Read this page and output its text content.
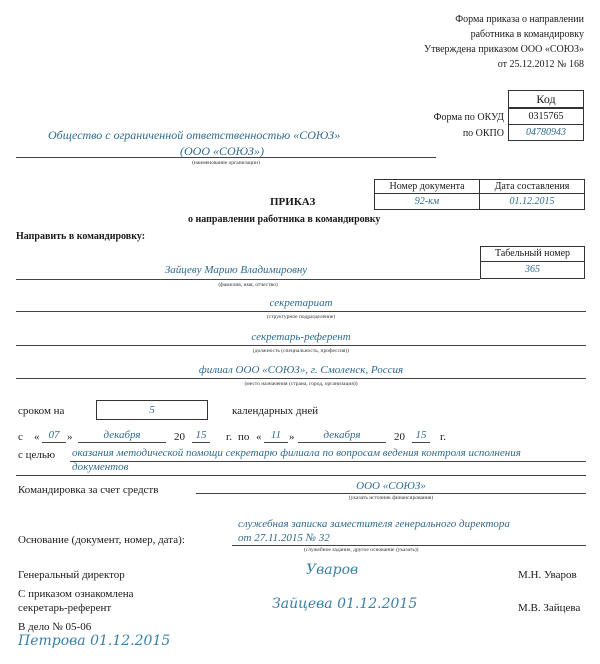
Форма приказа о направлении
работника в командировку
Утверждена приказом ООО «СОЮЗ»
от 25.12.2012 № 168
Код
Форма по ОКУД	0315765
по ОКПО	04780943
Общество с ограниченной ответственностью «СОЮЗ»
(ООО «СОЮЗ»)
(наименование организации)
Номер документа	Дата составления
92-км	01.12.2015
ПРИКАЗ
о направлении работника в командировку
Направить в командировку:
Табельный номер
365
Зайцеву Марию Владимировну
(фамилия, имя, отчество)
секретариат
(структурное подразделение)
секретарь-референт
(должность (специальность, профессия))
филиал ООО «СОЮЗ», г. Смоленск, Россия
(место назначения (страна, город, организация))
сроком на	5	календарных дней
с « 07 »	декабря	20 15	г. по « 11 »	декабря	20 15	г.
с целью оказания методической помощи секретарю филиала по вопросам ведения контроля исполнения
документов
Командировка за счет средств	ООО «СОЮЗ»
(указать источник финансирования)
служебная записка заместителя генерального директора
Основание (документ, номер, дата):	от 27.11.2015 № 32
(служебное задание, другое основание (указать))
Генеральный директор	Уваров	М.Н. Уваров
С приказом ознакомлена
секретарь-референт	Зайцева 01.12.2015	М.В. Зайцева
В дело № 05-06
Петрова 01.12.2015
